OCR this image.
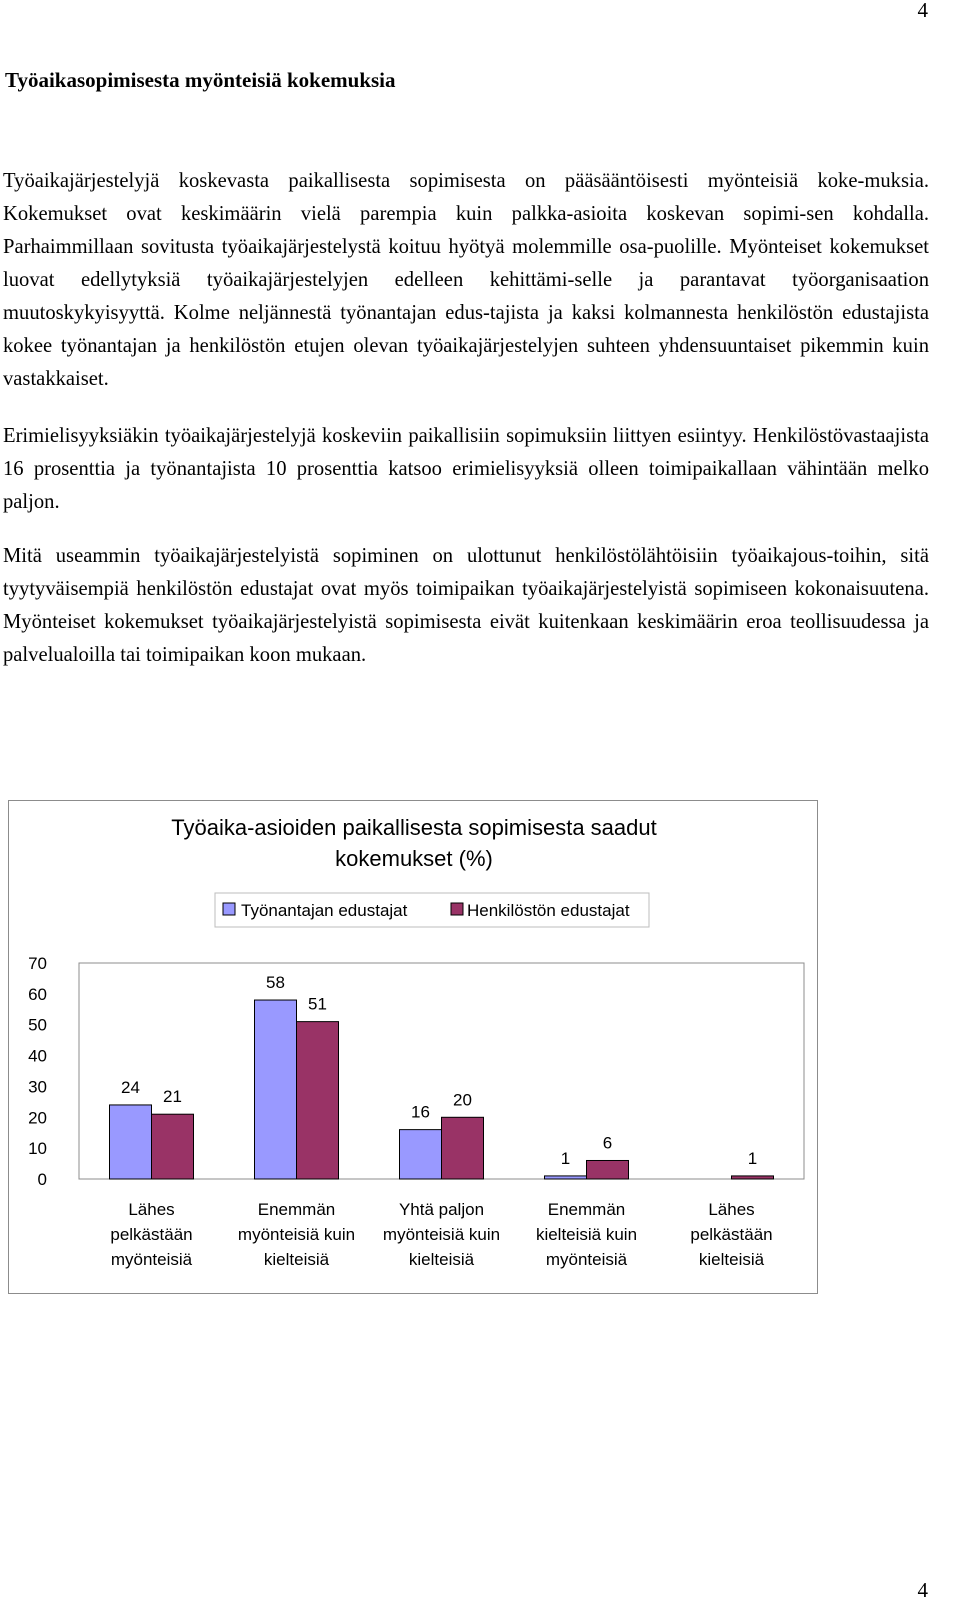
4
Työaikasopimisesta myönteisiä kokemuksia

Työaikajärjestelyjä koskevasta paikallisesta sopimisesta on pääsääntöisesti myönteisiä koke-muksia. Kokemukset ovat keskimäärin vielä parempia kuin palkka-asioita koskevan sopimi-sen kohdalla. Parhaimmillaan sovitusta työaikajärjestelystä koituu hyötyä molemmille osa-puolille. Myönteiset kokemukset luovat edellytyksiä työaikajärjestelyjen edelleen kehittämi-selle ja parantavat työorganisaation muutoskykyisyyttä. Kolme neljännestä työnantajan edus-tajista ja kaksi kolmannesta henkilöstön edustajista kokee työnantajan ja henkilöstön etujen olevan työaikajärjestelyjen suhteen yhdensuuntaiset pikemmin kuin vastakkaiset.

Erimielisyyksiäkin työaikajärjestelyjä koskeviin paikallisiin sopimuksiin liittyen esiintyy. Henkilöstövastaajista 16 prosenttia ja työnantajista 10 prosenttia katsoo erimielisyyksiä olleen toimipaikallaan vähintään melko paljon.

Mitä useammin työaikajärjestelyistä sopiminen on ulottunut henkilöstölähtöisiin työaikajous-toihin, sitä tyytyväisempiä henkilöstön edustajat ovat myös toimipaikan työaikajärjestelyistä sopimiseen kokonaisuutena. Myönteiset kokemukset työaikajärjestelyistä sopimisesta eivät kuitenkaan keskimäärin eroa teollisuudessa ja palvelualoilla tai toimipaikan koon mukaan.

Työaika-asioiden paikallisesta sopimisesta saadut
kokemukset (%)
Työnantajan edustajat	Henkilöstön edustajat
0
10
20
30
40
50
60
70
24
58
16
1
21
51
20
6
1
Lähes
pelkästään
myönteisiä
Enemmän
myönteisiä kuin
kielteisiä
Yhtä paljon
myönteisiä kuin
kielteisiä
Enemmän
kielteisiä kuin
myönteisiä
Lähes
pelkästään
kielteisiä
4
